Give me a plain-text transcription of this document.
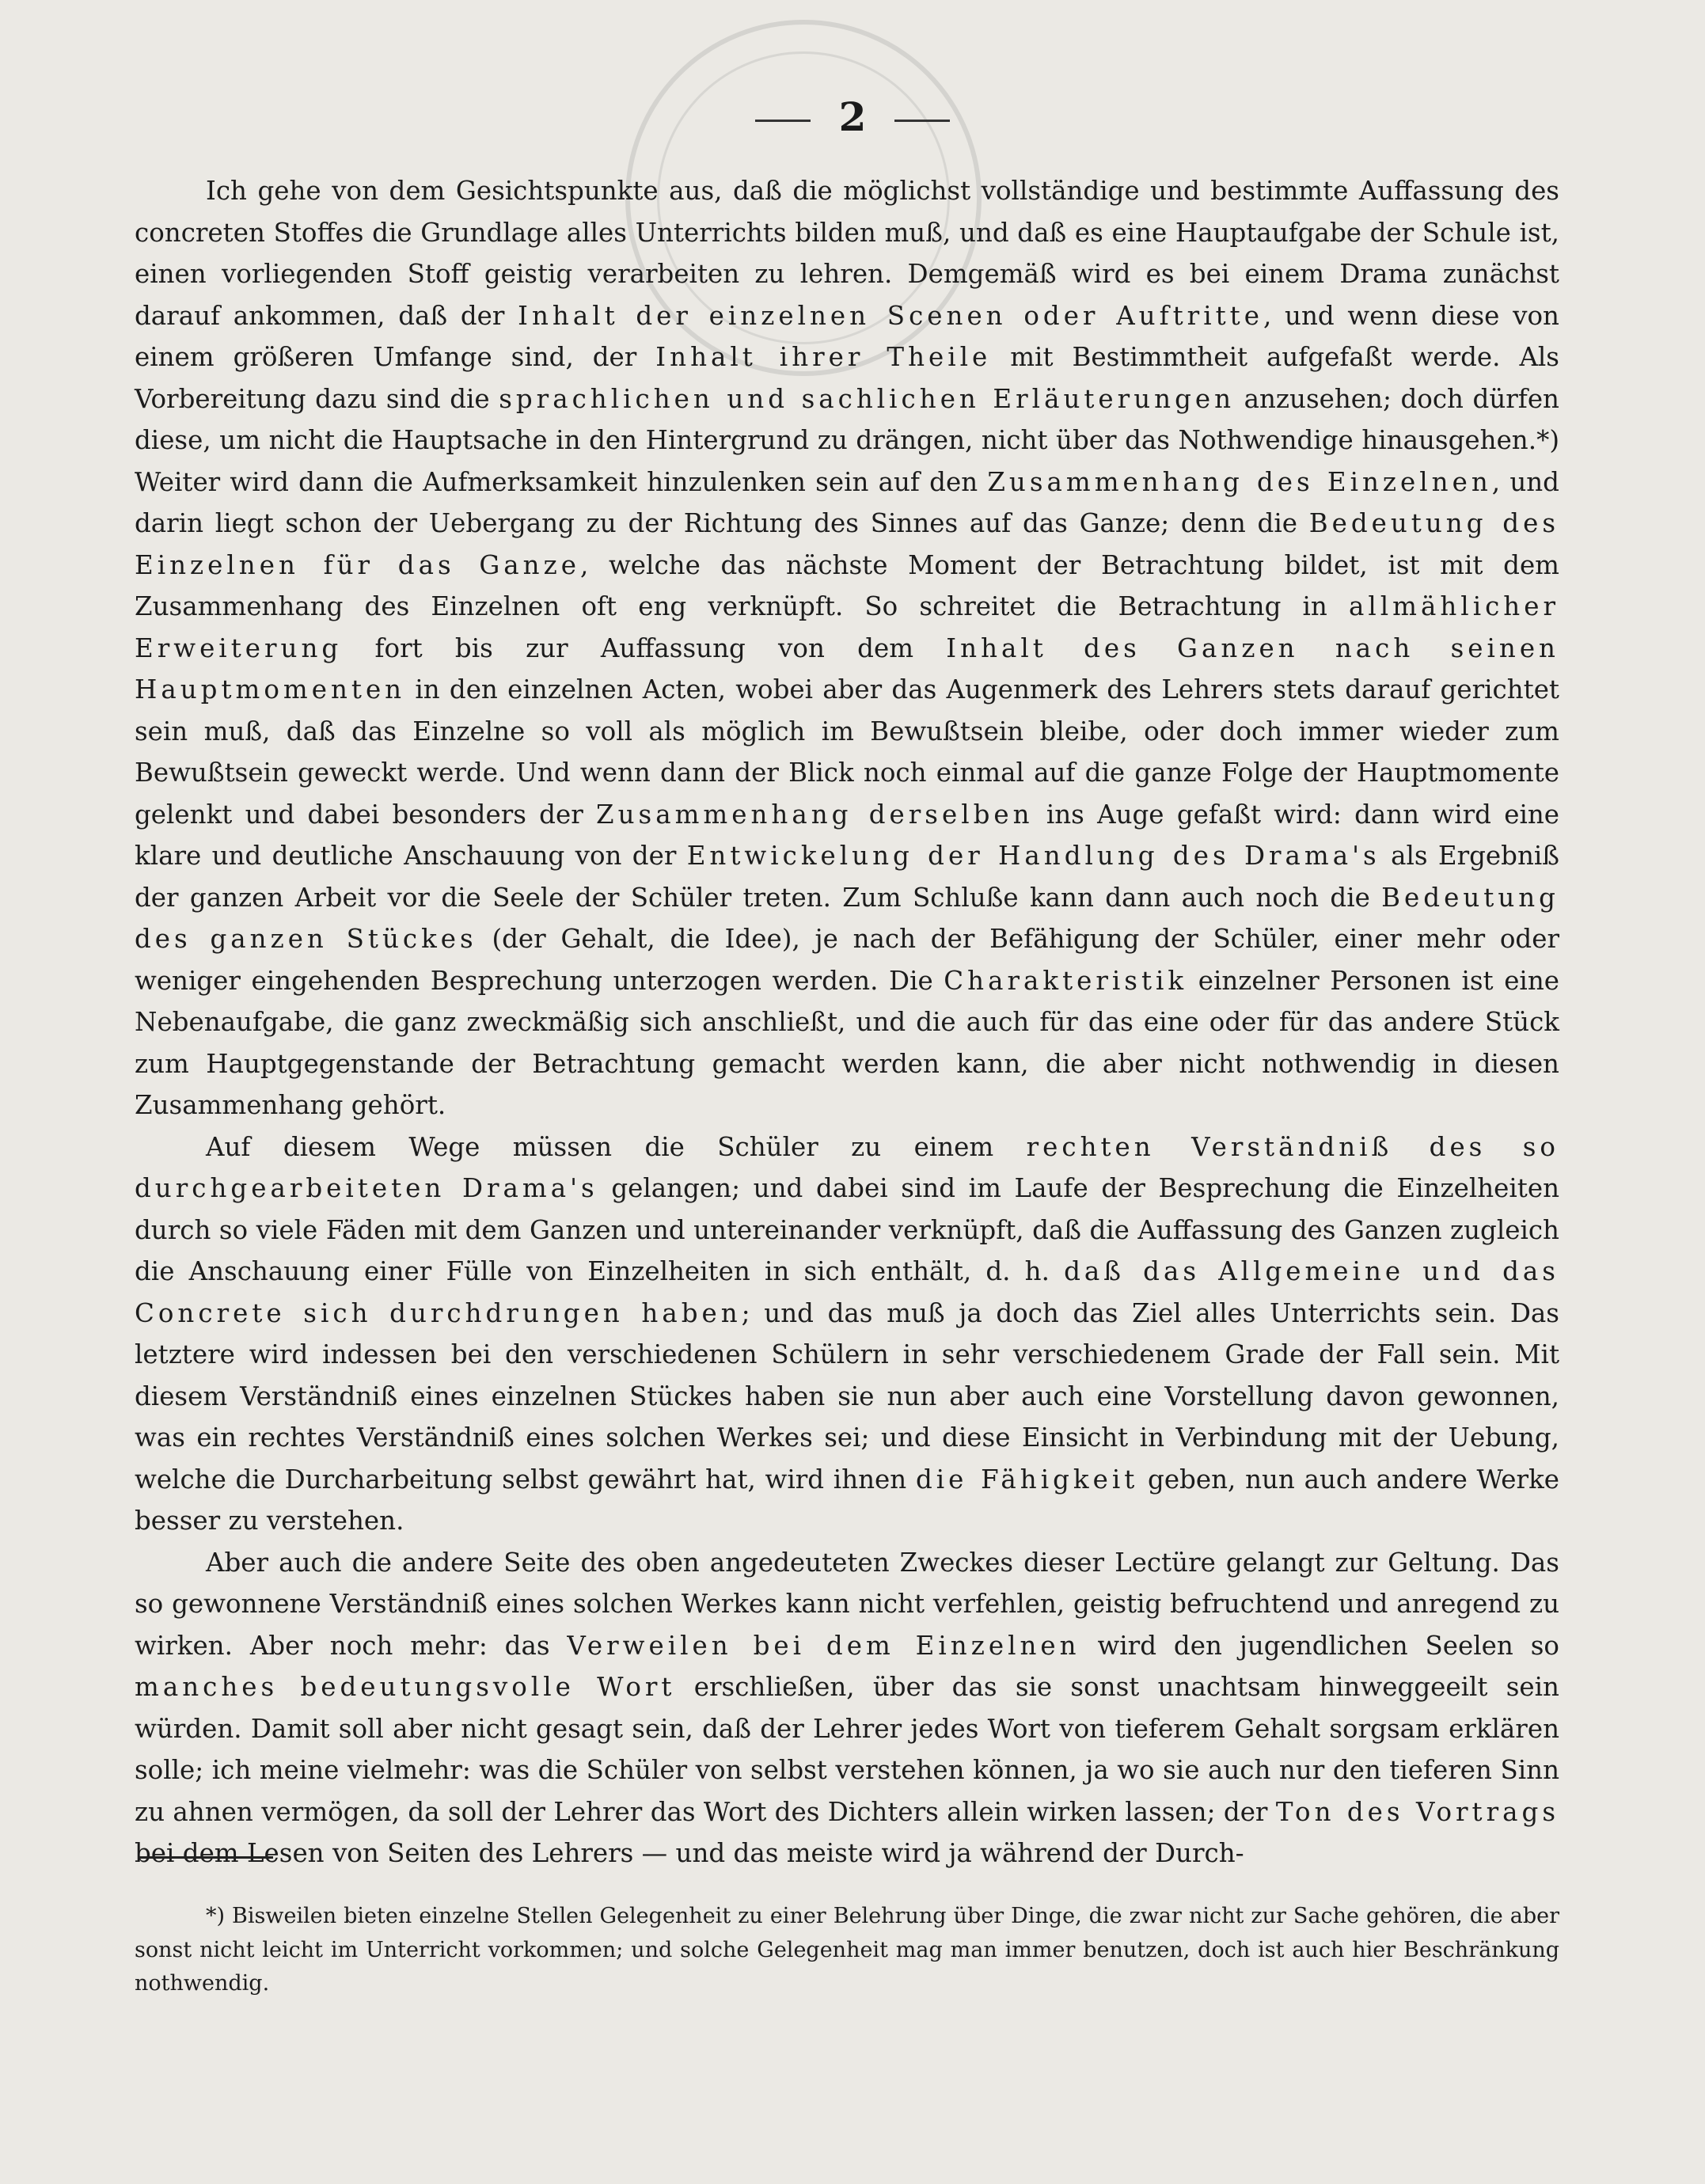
2

Ich gehe von dem Gesichtspunkte aus, daß die möglichst vollständige und bestimmte Auffassung des concreten Stoffes die Grundlage alles Unterrichts bilden muß, und daß es eine Hauptaufgabe der Schule ist, einen vorliegenden Stoff geistig verarbeiten zu lehren. Demgemäß wird es bei einem Drama zunächst darauf ankommen, daß der Inhalt der einzelnen Scenen oder Auftritte, und wenn diese von einem größeren Umfange sind, der Inhalt ihrer Theile mit Bestimmtheit aufgefaßt werde. Als Vorbereitung dazu sind die sprachlichen und sachlichen Erläuterungen anzusehen; doch dürfen diese, um nicht die Hauptsache in den Hintergrund zu drängen, nicht über das Nothwendige hinausgehen.*) Weiter wird dann die Aufmerksamkeit hinzulenken sein auf den Zusammenhang des Einzelnen, und darin liegt schon der Uebergang zu der Richtung des Sinnes auf das Ganze; denn die Bedeutung des Einzelnen für das Ganze, welche das nächste Moment der Betrachtung bildet, ist mit dem Zusammenhang des Einzelnen oft eng verknüpft. So schreitet die Betrachtung in allmählicher Erweiterung fort bis zur Auffassung von dem Inhalt des Ganzen nach seinen Hauptmomenten in den einzelnen Acten, wobei aber das Augenmerk des Lehrers stets darauf gerichtet sein muß, daß das Einzelne so voll als möglich im Bewußtsein bleibe, oder doch immer wieder zum Bewußtsein geweckt werde. Und wenn dann der Blick noch einmal auf die ganze Folge der Hauptmomente gelenkt und dabei besonders der Zusammenhang derselben ins Auge gefaßt wird: dann wird eine klare und deutliche Anschauung von der Entwickelung der Handlung des Drama's als Ergebniß der ganzen Arbeit vor die Seele der Schüler treten. Zum Schluße kann dann auch noch die Bedeutung des ganzen Stückes (der Gehalt, die Idee), je nach der Befähigung der Schüler, einer mehr oder weniger eingehenden Besprechung unterzogen werden. Die Charakteristik einzelner Personen ist eine Nebenaufgabe, die ganz zweckmäßig sich anschließt, und die auch für das eine oder für das andere Stück zum Hauptgegenstande der Betrachtung gemacht werden kann, die aber nicht nothwendig in diesen Zusammenhang gehört.

Auf diesem Wege müssen die Schüler zu einem rechten Verständniß des so durchgearbeiteten Drama's gelangen; und dabei sind im Laufe der Besprechung die Einzelheiten durch so viele Fäden mit dem Ganzen und untereinander verknüpft, daß die Auffassung des Ganzen zugleich die Anschauung einer Fülle von Einzelheiten in sich enthält, d. h. daß das Allgemeine und das Concrete sich durchdrungen haben; und das muß ja doch das Ziel alles Unterrichts sein. Das letztere wird indessen bei den verschiedenen Schülern in sehr verschiedenem Grade der Fall sein. Mit diesem Verständniß eines einzelnen Stückes haben sie nun aber auch eine Vorstellung davon gewonnen, was ein rechtes Verständniß eines solchen Werkes sei; und diese Einsicht in Verbindung mit der Uebung, welche die Durcharbeitung selbst gewährt hat, wird ihnen die Fähigkeit geben, nun auch andere Werke besser zu verstehen.

Aber auch die andere Seite des oben angedeuteten Zweckes dieser Lectüre gelangt zur Geltung. Das so gewonnene Verständniß eines solchen Werkes kann nicht verfehlen, geistig befruchtend und anregend zu wirken. Aber noch mehr: das Verweilen bei dem Einzelnen wird den jugendlichen Seelen so manches bedeutungsvolle Wort erschließen, über das sie sonst unachtsam hinweggeeilt sein würden. Damit soll aber nicht gesagt sein, daß der Lehrer jedes Wort von tieferem Gehalt sorgsam erklären solle; ich meine vielmehr: was die Schüler von selbst verstehen können, ja wo sie auch nur den tieferen Sinn zu ahnen vermögen, da soll der Lehrer das Wort des Dichters allein wirken lassen; der Ton des Vortrags bei dem Lesen von Seiten des Lehrers — und das meiste wird ja während der Durch-

*) Bisweilen bieten einzelne Stellen Gelegenheit zu einer Belehrung über Dinge, die zwar nicht zur Sache gehören, die aber sonst nicht leicht im Unterricht vorkommen; und solche Gelegenheit mag man immer benutzen, doch ist auch hier Beschränkung nothwendig.
